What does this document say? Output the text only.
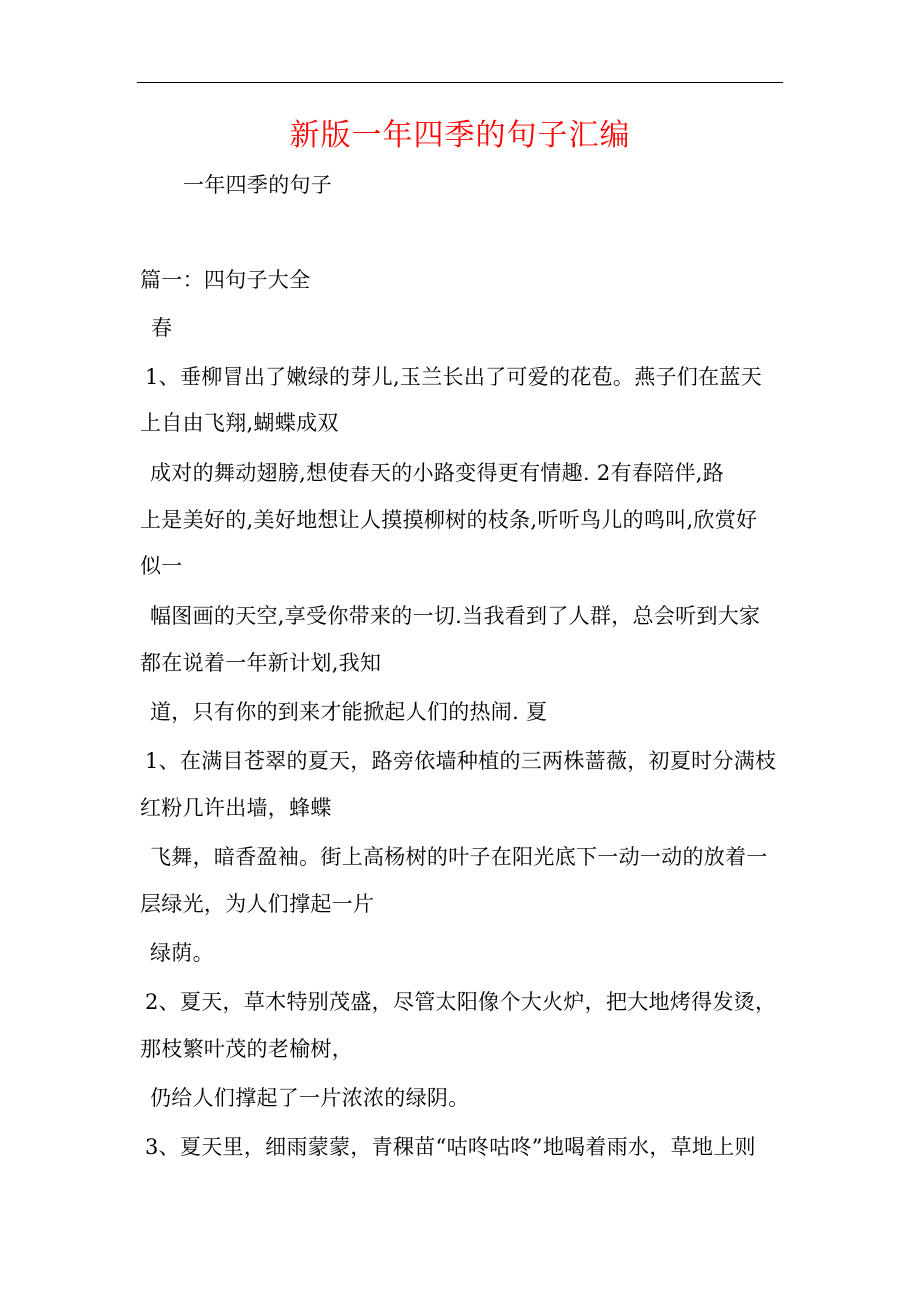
新版一年四季的句子汇编
一年四季的句子
篇一：四句子大全
春
1、垂柳冒出了嫩绿的芽儿,玉兰长出了可爱的花苞。燕子们在蓝天
上自由飞翔,蝴蝶成双
成对的舞动翅膀,想使春天的小路变得更有情趣. 2有春陪伴,路
上是美好的,美好地想让人摸摸柳树的枝条,听听鸟儿的鸣叫,欣赏好
似一
幅图画的天空,享受你带来的一切.当我看到了人群，总会听到大家
都在说着一年新计划,我知
道，只有你的到来才能掀起人们的热闹. 夏
1、在满目苍翠的夏天，路旁依墙种植的三两株蔷薇，初夏时分满枝
红粉几许出墙，蜂蝶
飞舞，暗香盈袖。街上高杨树的叶子在阳光底下一动一动的放着一
层绿光，为人们撑起一片
绿荫。
2、夏天，草木特别茂盛，尽管太阳像个大火炉，把大地烤得发烫，
那枝繁叶茂的老榆树，
仍给人们撑起了一片浓浓的绿阴。
3、夏天里，细雨蒙蒙，青稞苗“咕咚咕咚”地喝着雨水，草地上则
